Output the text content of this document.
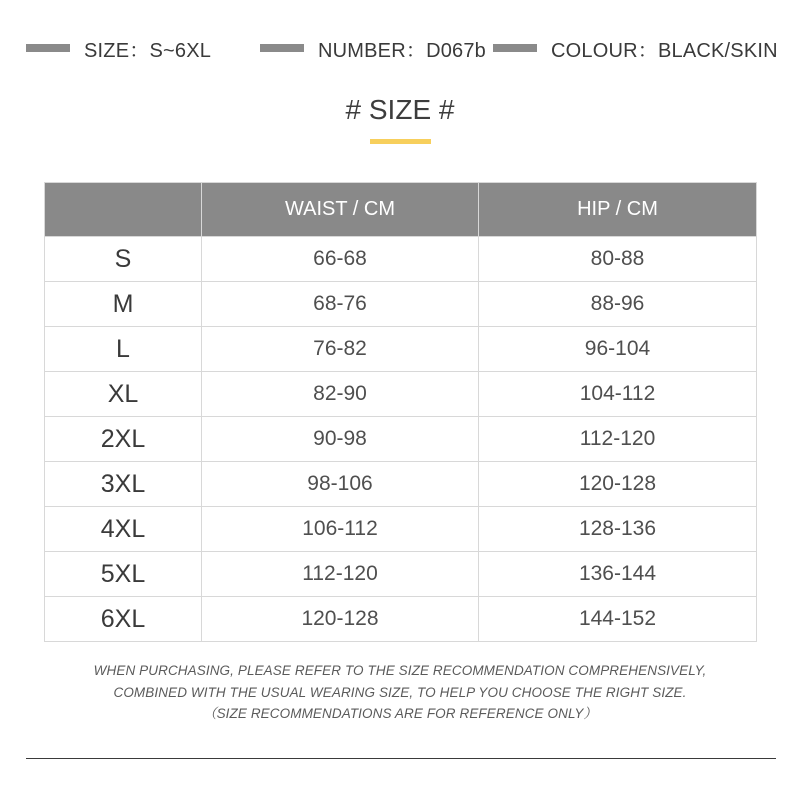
SIZE：S~6XL	NUMBER：D067b	COLOUR：BLACK/SKIN
# SIZE #
	WAIST / CM	HIP / CM
S	66-68	80-88
M	68-76	88-96
L	76-82	96-104
XL	82-90	104-112
2XL	90-98	112-120
3XL	98-106	120-128
4XL	106-112	128-136
5XL	112-120	136-144
6XL	120-128	144-152
WHEN PURCHASING, PLEASE REFER TO THE SIZE RECOMMENDATION COMPREHENSIVELY,
COMBINED WITH THE USUAL WEARING SIZE, TO HELP YOU CHOOSE THE RIGHT SIZE.
（SIZE RECOMMENDATIONS ARE FOR REFERENCE ONLY）
